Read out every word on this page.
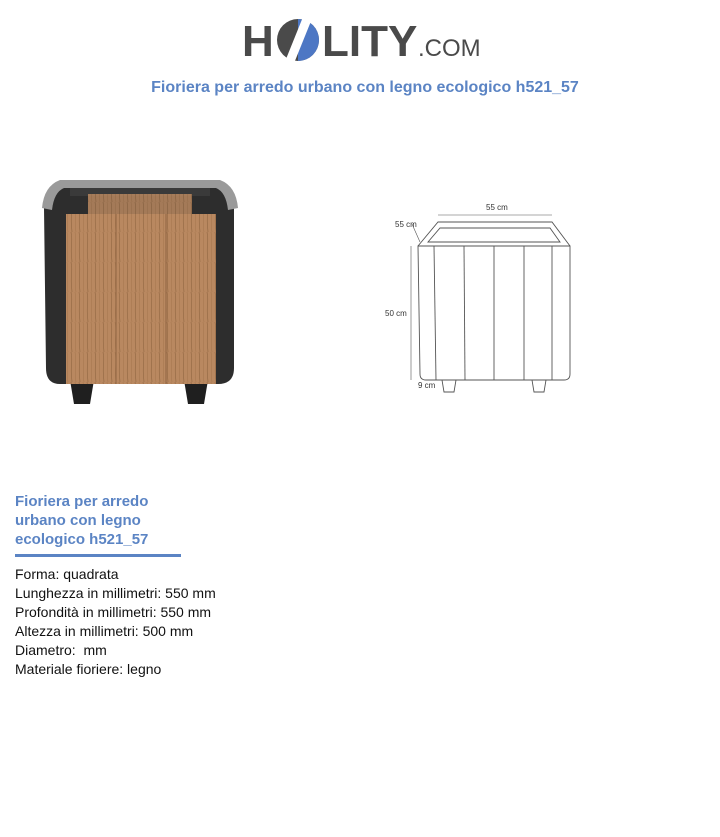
H LITY .COM
Fioriera per arredo urbano con legno ecologico h521_57
55 cm
55 cm
50 cm
9 cm
Fioriera per arredo urbano con legno ecologico h521_57
Forma: quadrata
Lunghezza in millimetri: 550 mm
Profondità in millimetri: 550 mm
Altezza in millimetri: 500 mm
Diametro:  mm
Materiale fioriere: legno
